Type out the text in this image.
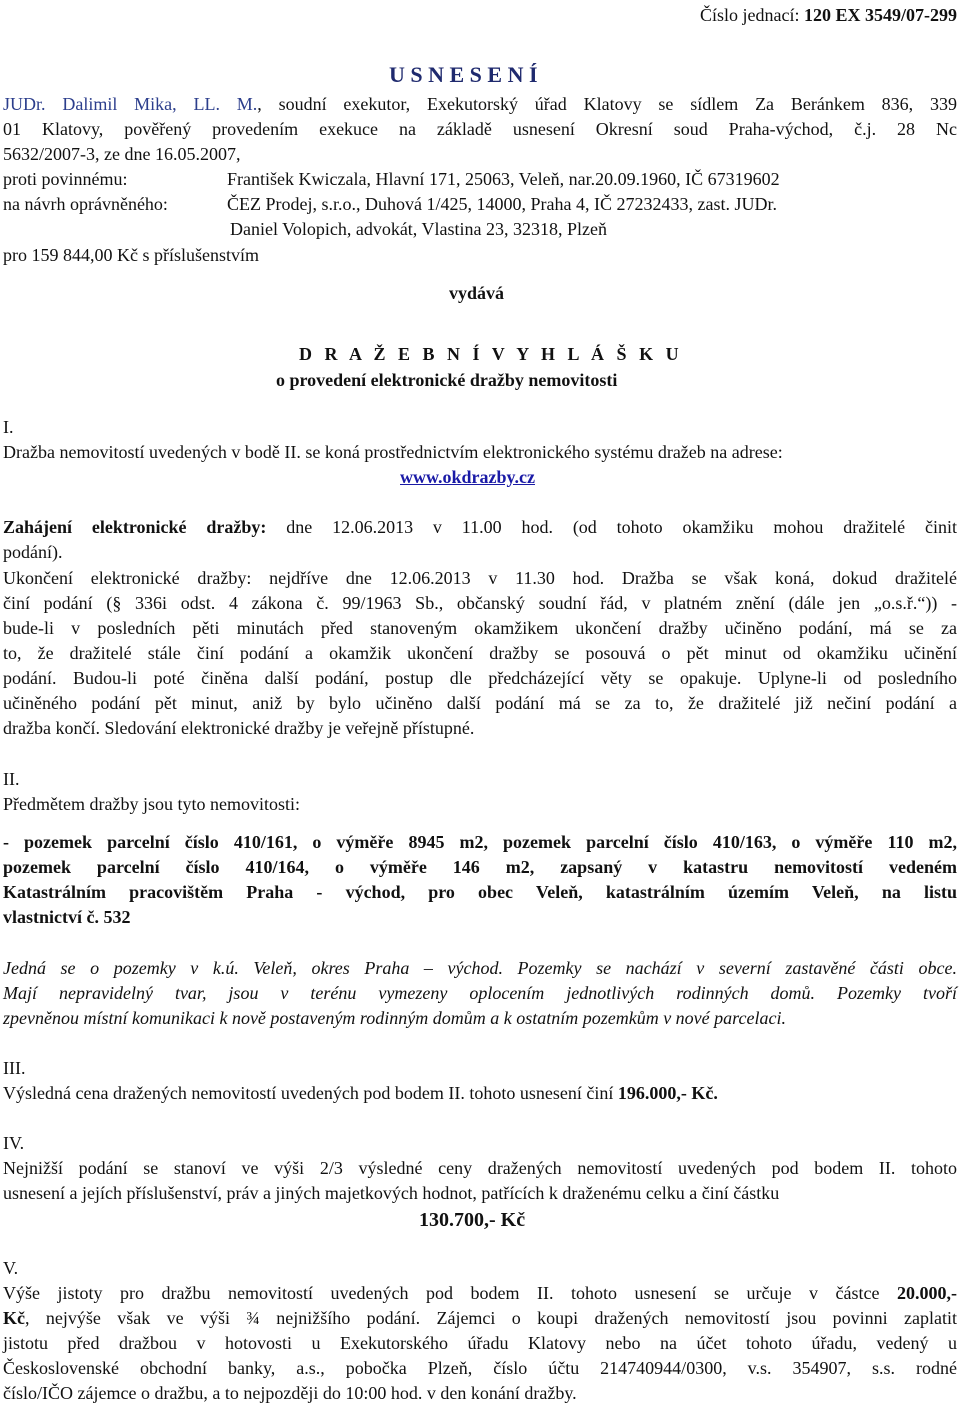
Číslo jednací: 120 EX 3549/07-299
U S N E S E N Í
JUDr. Dalimil Mika, LL. M., soudní exekutor, Exekutorský úřad Klatovy se sídlem Za Beránkem 836, 339
01 Klatovy, pověřený provedením exekuce na základě usnesení Okresní soud Praha-východ, č.j. 28 Nc
5632/2007-3, ze dne 16.05.2007,
proti povinnému:	František Kwiczala, Hlavní 171, 25063, Veleň, nar.20.09.1960, IČ 67319602
na návrh oprávněného:	ČEZ Prodej, s.r.o., Duhová 1/425, 14000, Praha 4, IČ 27232433, zast. JUDr.
Daniel Volopich, advokát, Vlastina 23, 32318, Plzeň
pro 159 844,00 Kč s příslušenstvím
vydává
D R A Ž E B N Í V Y H L Á Š K U
o provedení elektronické dražby nemovitosti
I.
Dražba nemovitostí uvedených v bodě II. se koná prostřednictvím elektronického systému dražeb na adrese:
www.okdrazby.cz
Zahájení elektronické dražby: dne 12.06.2013 v 11.00 hod. (od tohoto okamžiku mohou dražitelé činit
podání).
Ukončení elektronické dražby: nejdříve dne 12.06.2013 v 11.30 hod. Dražba se však koná, dokud dražitelé
činí podání (§ 336i odst. 4 zákona č. 99/1963 Sb., občanský soudní řád, v platném znění (dále jen „o.s.ř.“)) -
bude-li v posledních pěti minutách před stanoveným okamžikem ukončení dražby učiněno podání, má se za
to, že dražitelé stále činí podání a okamžik ukončení dražby se posouvá o pět minut od okamžiku učinění
podání. Budou-li poté činěna další podání, postup dle předcházející věty se opakuje. Uplyne-li od posledního
učiněného podání pět minut, aniž by bylo učiněno další podání má se za to, že dražitelé již nečiní podání a
dražba končí. Sledování elektronické dražby je veřejně přístupné.
II.
Předmětem dražby jsou tyto nemovitosti:
- pozemek parcelní číslo 410/161, o výměře 8945 m2, pozemek parcelní číslo 410/163, o výměře 110 m2,
pozemek parcelní číslo 410/164, o výměře 146 m2, zapsaný v katastru nemovitostí vedeném
Katastrálním pracovištěm Praha - východ, pro obec Veleň, katastrálním územím Veleň, na listu
vlastnictví č. 532
Jedná se o pozemky v k.ú. Veleň, okres Praha – východ. Pozemky se nachází v severní zastavěné části obce.
Mají nepravidelný tvar, jsou v terénu vymezeny oplocením jednotlivých rodinných domů. Pozemky tvoří
zpevněnou místní komunikaci k nově postaveným rodinným domům a k ostatním pozemkům v nové parcelaci.
III.
Výsledná cena dražených nemovitostí uvedených pod bodem II. tohoto usnesení činí 196.000,- Kč.
IV.
Nejnižší podání se stanoví ve výši 2/3 výsledné ceny dražených nemovitostí uvedených pod bodem II. tohoto
usnesení a jejích příslušenství, práv a jiných majetkových hodnot, patřících k draženému celku a činí částku
130.700,- Kč
V.
Výše jistoty pro dražbu nemovitostí uvedených pod bodem II. tohoto usnesení se určuje v částce 20.000,-
Kč, nejvýše však ve výši ¾ nejnižšího podání. Zájemci o koupi dražených nemovitostí jsou povinni zaplatit
jistotu před dražbou v hotovosti u Exekutorského úřadu Klatovy nebo na účet tohoto úřadu, vedený u
Československé obchodní banky, a.s., pobočka Plzeň, číslo účtu 214740944/0300, v.s. 354907, s.s. rodné
číslo/IČO zájemce o dražbu, a to nejpozději do 10:00 hod. v den konání dražby.
